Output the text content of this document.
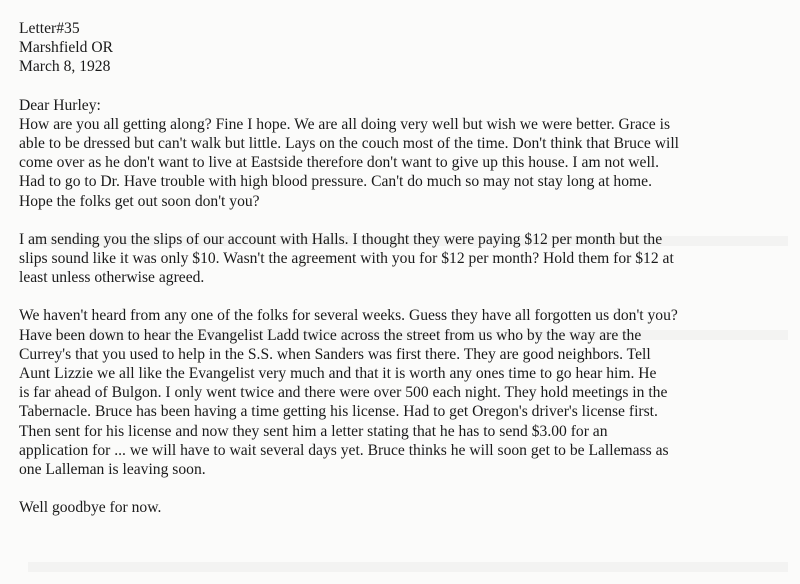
Letter#35
Marshfield OR
March 8, 1928
Dear Hurley:

How are you all getting along? Fine I hope. We are all doing very well but wish we were better. Grace is
able to be dressed but can't walk but little. Lays on the couch most of the time. Don't think that Bruce will
come over as he don't want to live at Eastside therefore don't want to give up this house. I am not well.
Had to go to Dr. Have trouble with high blood pressure. Can't do much so may not stay long at home.
Hope the folks get out soon don't you?

I am sending you the slips of our account with Halls. I thought they were paying $12 per month but the
slips sound like it was only $10. Wasn't the agreement with you for $12 per month? Hold them for $12 at
least unless otherwise agreed.

We haven't heard from any one of the folks for several weeks. Guess they have all forgotten us don't you?
Have been down to hear the Evangelist Ladd twice across the street from us who by the way are the
Currey's that you used to help in the S.S. when Sanders was first there. They are good neighbors. Tell
Aunt Lizzie we all like the Evangelist very much and that it is worth any ones time to go hear him. He
is far ahead of Bulgon. I only went twice and there were over 500 each night. They hold meetings in the
Tabernacle. Bruce has been having a time getting his license. Had to get Oregon's driver's license first.
Then sent for his license and now they sent him a letter stating that he has to send $3.00 for an
application for ... we will have to wait several days yet. Bruce thinks he will soon get to be Lallemass as
one Lalleman is leaving soon.

Well goodbye for now.
